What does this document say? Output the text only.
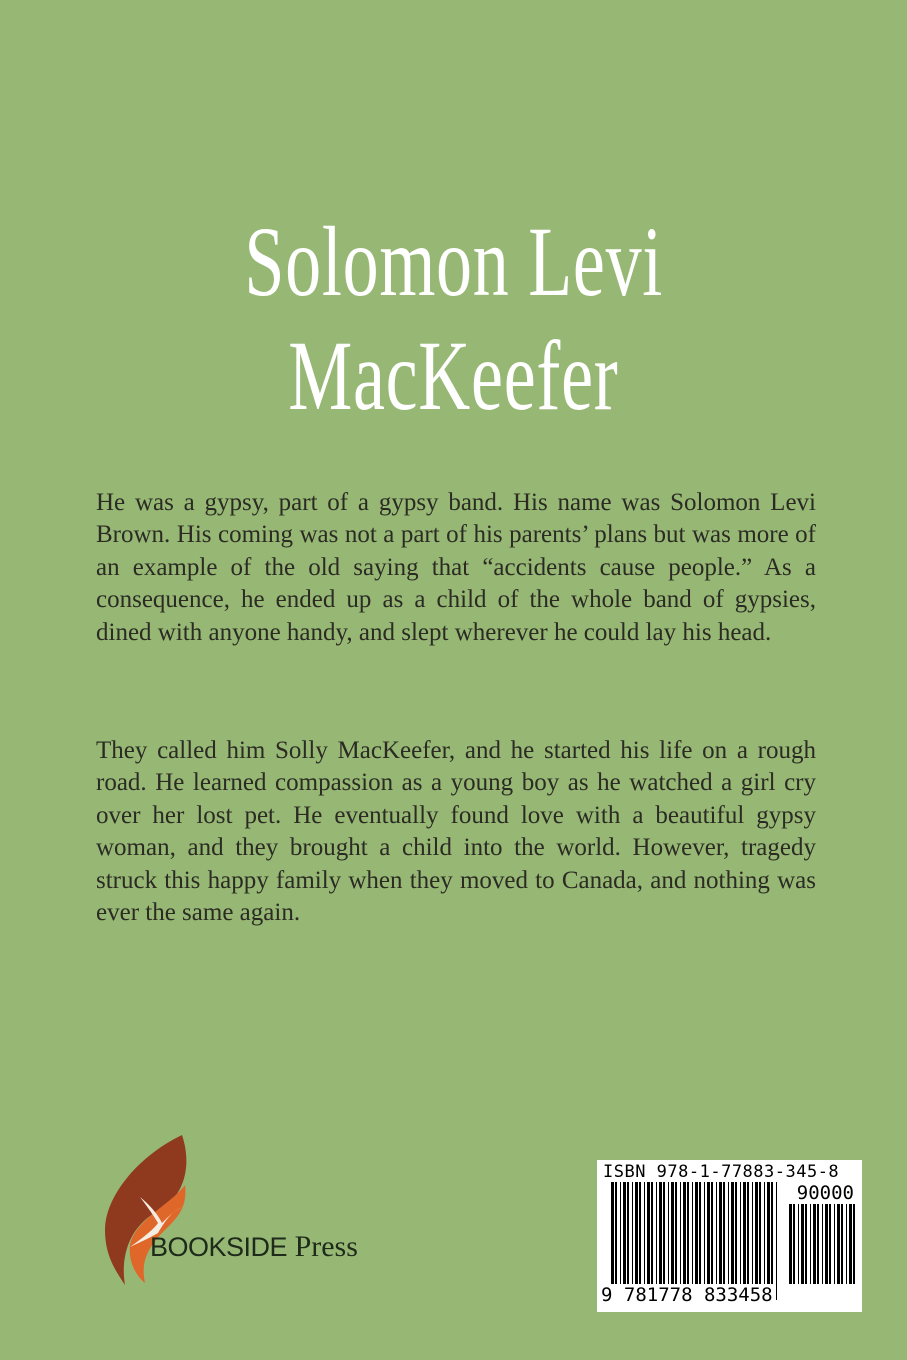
Solomon Levi
MacKeefer

He was a gypsy, part of a gypsy band. His name was Solomon Levi Brown. His coming was not a part of his parents’ plans but was more of an example of the old saying that “accidents cause people.” As a consequence, he ended up as a child of the whole band of gypsies, dined with anyone handy, and slept wherever he could lay his head.

They called him Solly MacKeefer, and he started his life on a rough road. He learned compassion as a young boy as he watched a girl cry over her lost pet. He eventually found love with a beautiful gypsy woman, and they brought a child into the world. However, tragedy struck this happy family when they moved to Canada, and nothing was ever the same again.

BOOKSIDE Press
ISBN 978-1-77883-345-8
90000
9 781778 833458
